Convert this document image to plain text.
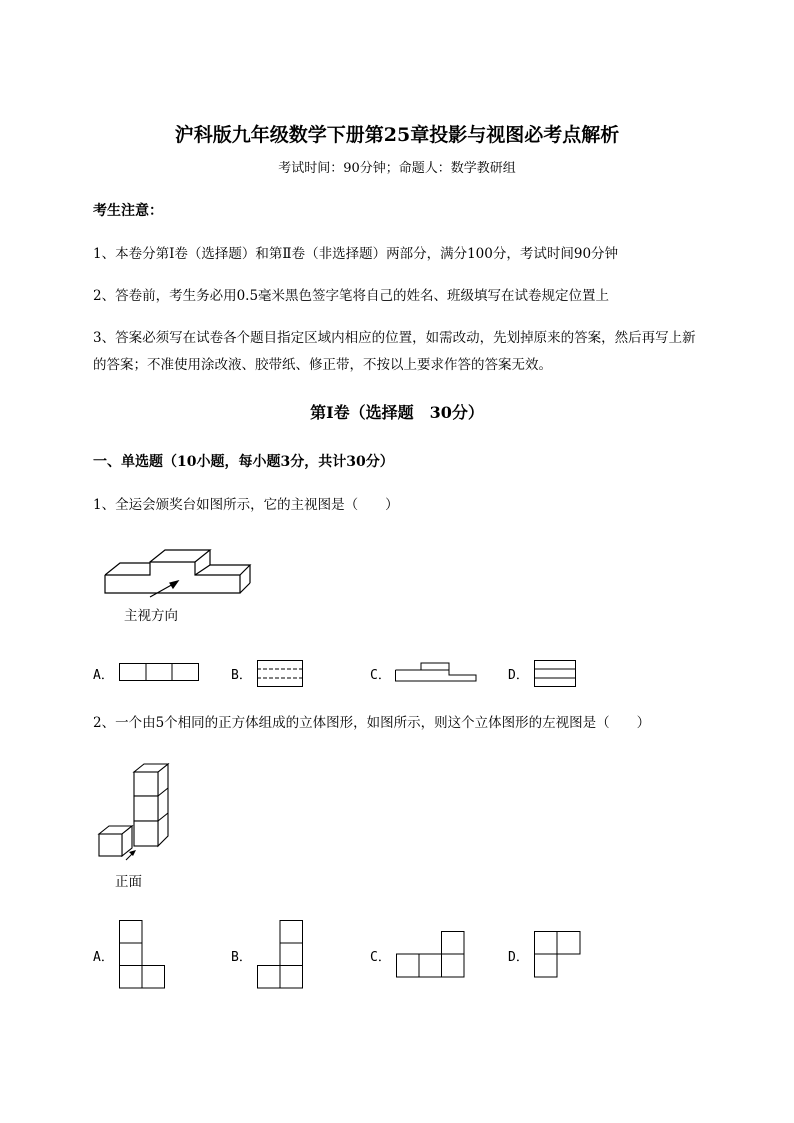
沪科版九年级数学下册第25章投影与视图必考点解析
考试时间：90分钟；命题人：数学教研组
考生注意：
1、本卷分第I卷（选择题）和第Ⅱ卷（非选择题）两部分，满分100分，考试时间90分钟
2、答卷前，考生务必用0.5毫米黑色签字笔将自己的姓名、班级填写在试卷规定位置上
3、答案必须写在试卷各个题目指定区域内相应的位置，如需改动，先划掉原来的答案，然后再写上新
的答案；不准使用涂改液、胶带纸、修正带，不按以上要求作答的答案无效。
第I卷（选择题　30分）
一、单选题（10小题，每小题3分，共计30分）
1、全运会颁奖台如图所示，它的主视图是（　　）
主视方向
A．	B．	C．	D．
2、一个由5个相同的正方体组成的立体图形，如图所示，则这个立体图形的左视图是（　　）
正面
A．	B．	C．	D．
